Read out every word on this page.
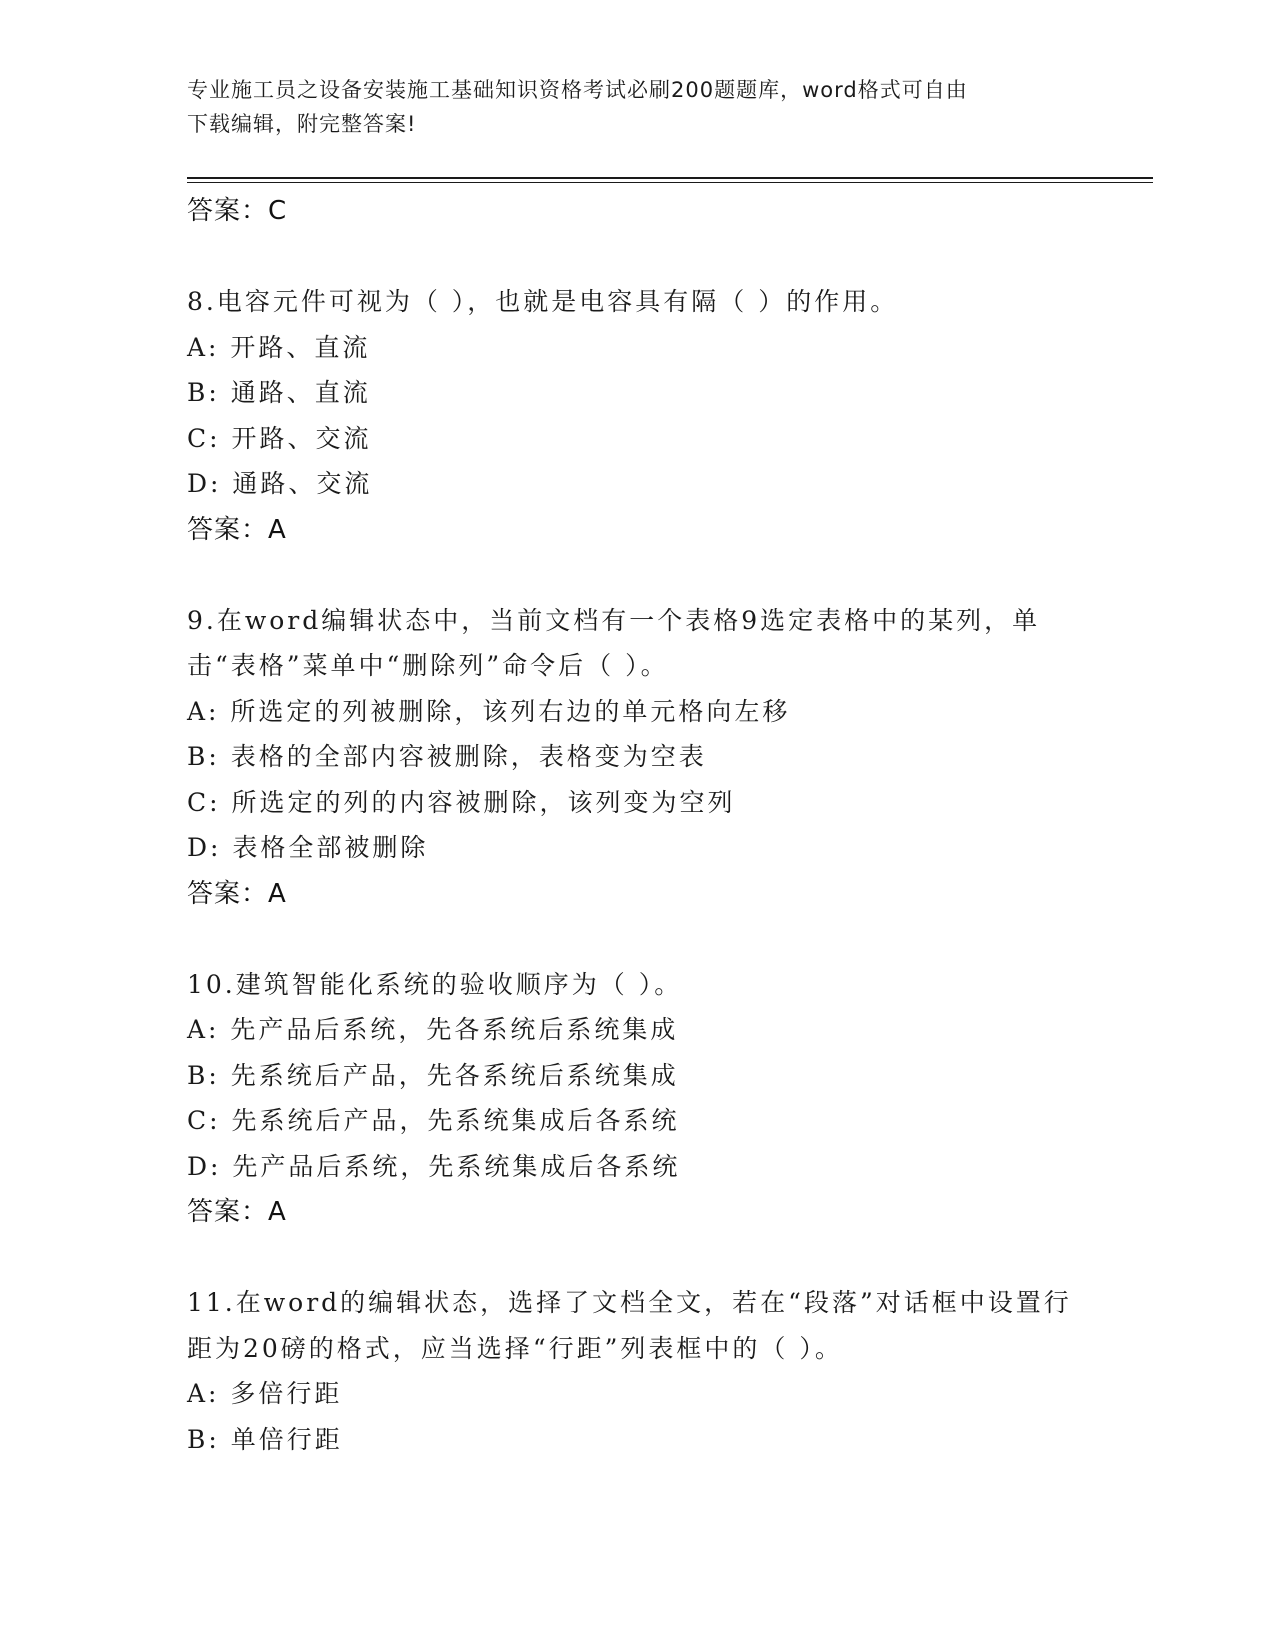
专业施工员之设备安装施工基础知识资格考试必刷200题题库，word格式可自由
下载编辑，附完整答案!
答案：C
8.电容元件可视为（ ），也就是电容具有隔（ ）的作用。
A: 开路、直流
B: 通路、直流
C: 开路、交流
D: 通路、交流
答案：A
9.在word编辑状态中，当前文档有一个表格9选定表格中的某列，单击“表格”菜单中“删除列”命令后（ ）。
A: 所选定的列被删除，该列右边的单元格向左移
B: 表格的全部内容被删除，表格变为空表
C: 所选定的列的内容被删除，该列变为空列
D: 表格全部被删除
答案：A
10.建筑智能化系统的验收顺序为（ ）。
A: 先产品后系统，先各系统后系统集成
B: 先系统后产品，先各系统后系统集成
C: 先系统后产品，先系统集成后各系统
D: 先产品后系统，先系统集成后各系统
答案：A
11.在word的编辑状态，选择了文档全文，若在“段落”对话框中设置行距为20磅的格式，应当选择“行距”列表框中的（ ）。
A: 多倍行距
B: 单倍行距
